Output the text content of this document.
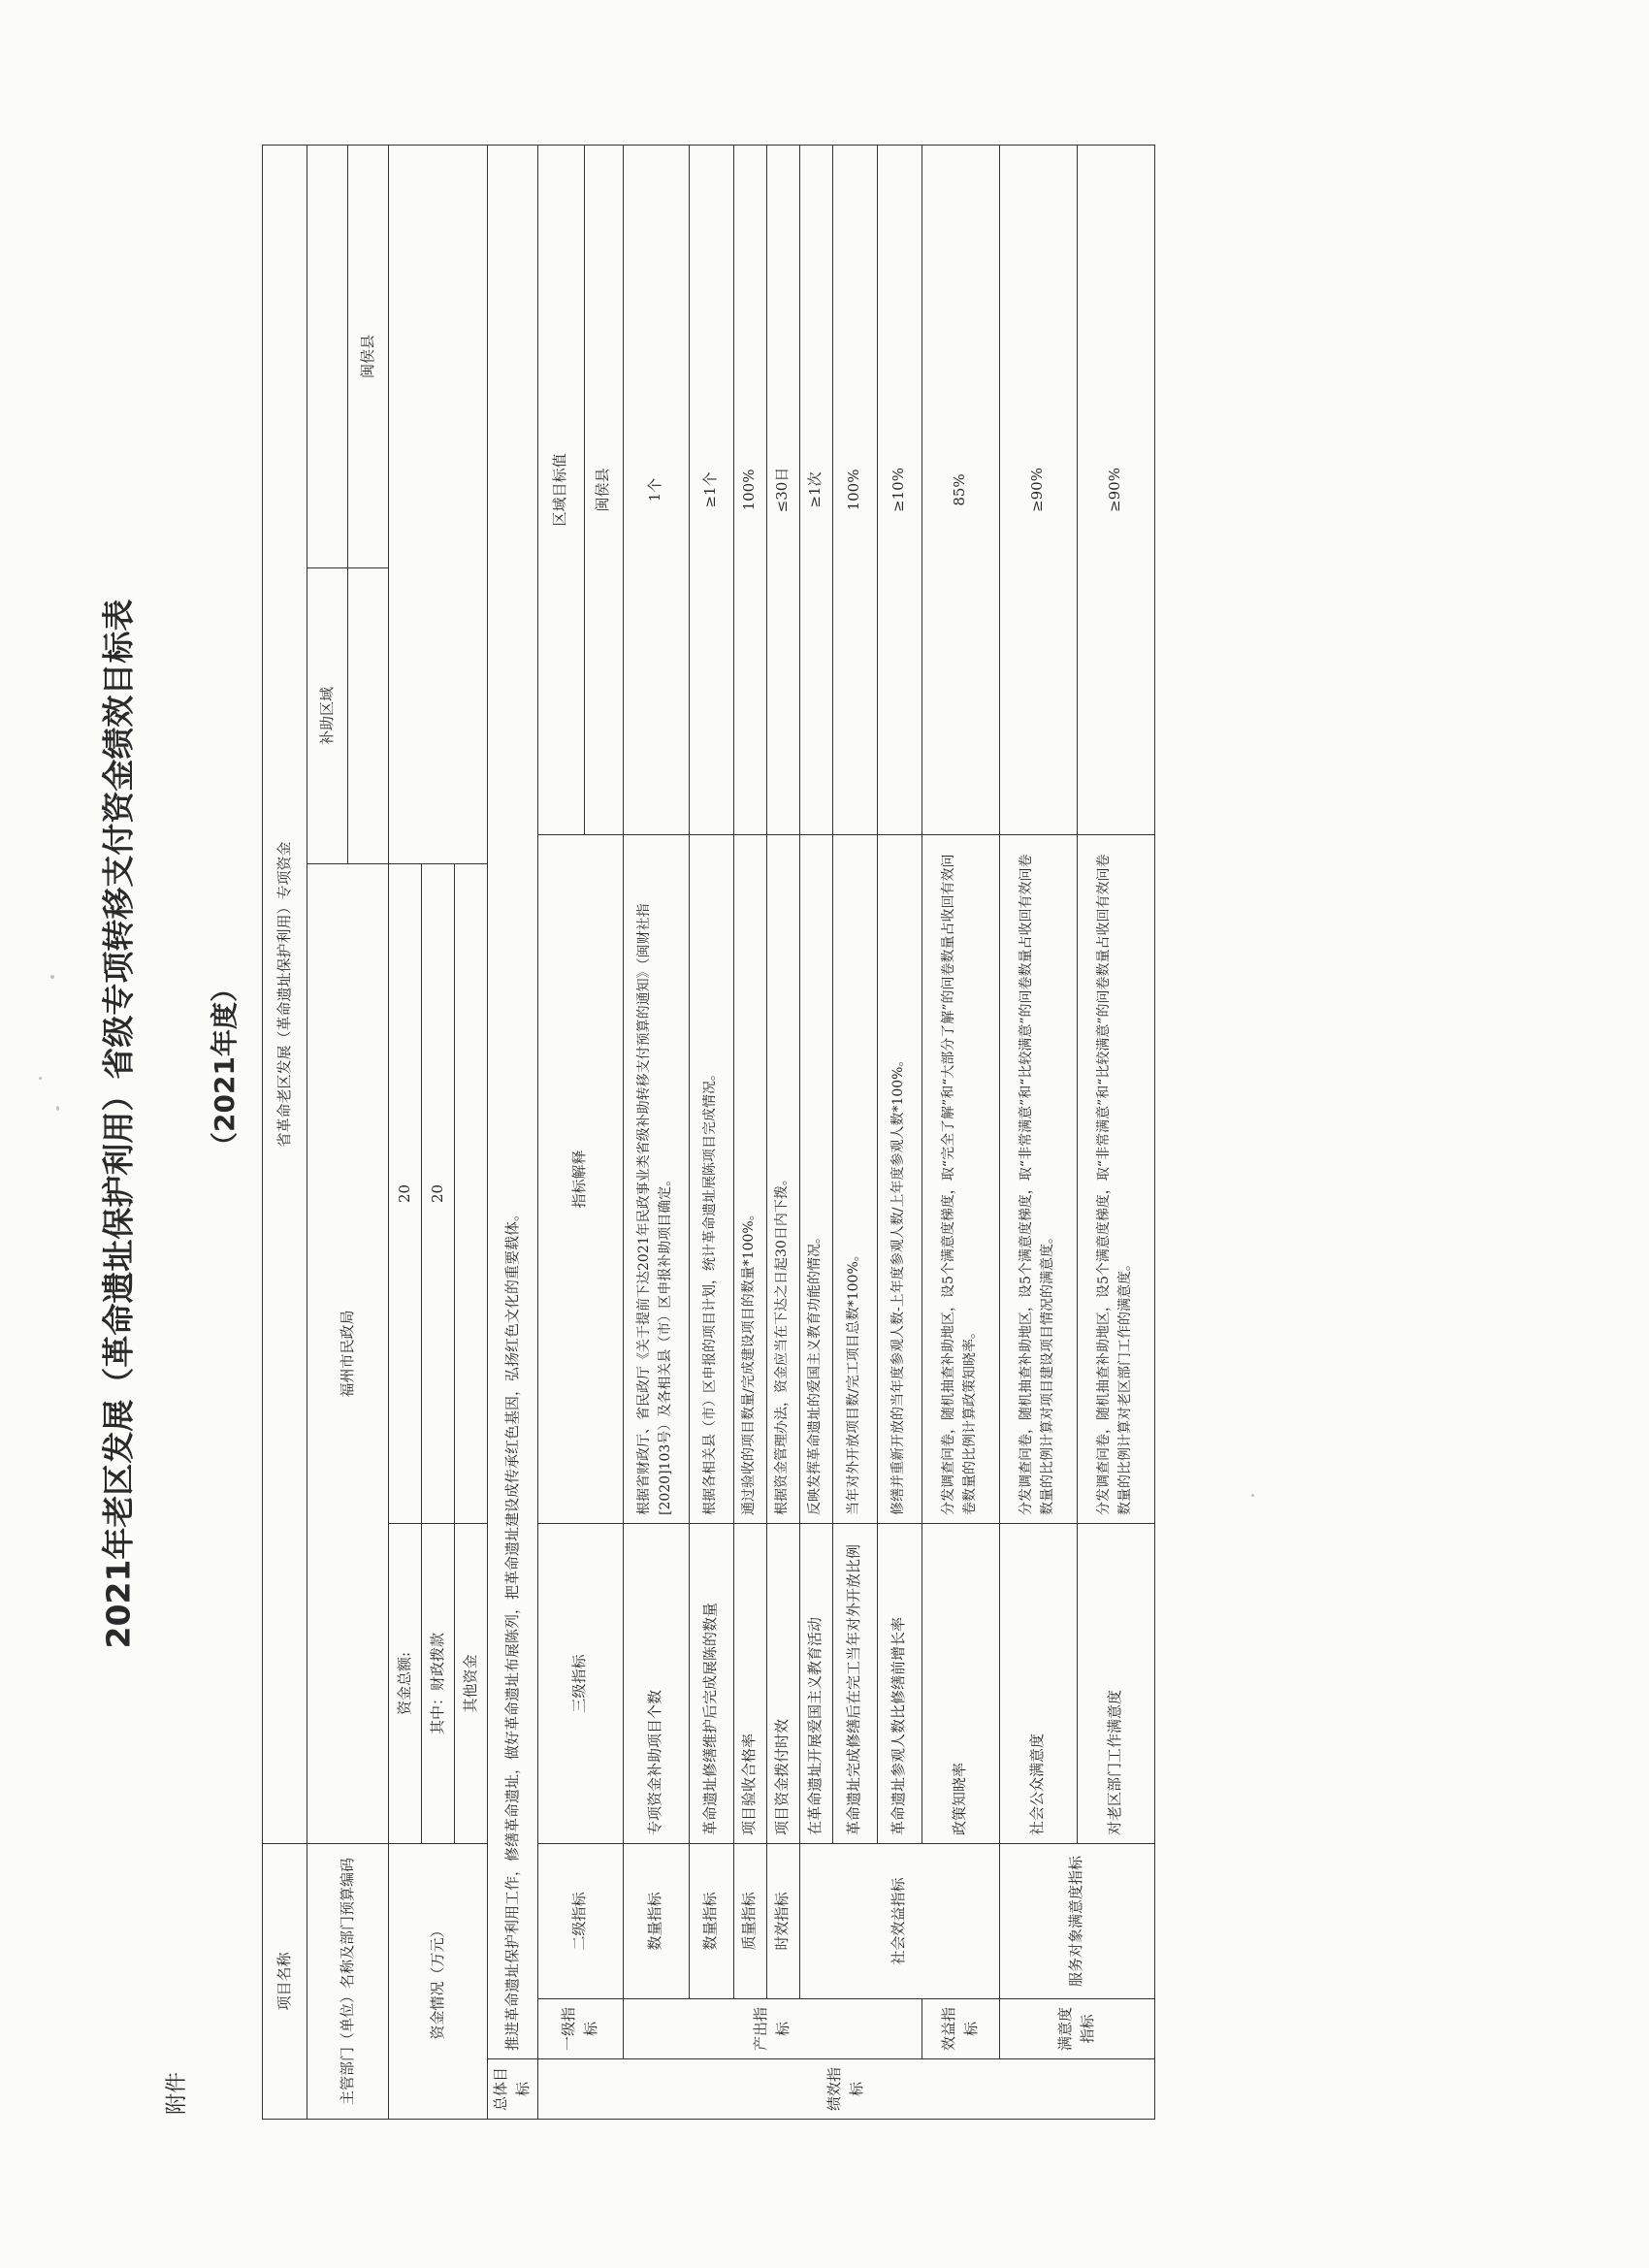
附件
2021年老区发展（革命遗址保护利用）省级专项转移支付资金绩效目标表	（2021年度）
项目名称			省革命老区发展（革命遗址保护利用）专项资金				
主管部门（单位）名称及部门预算编码			福州市民政局		补助区域		
							闽侯县
资金情况（万元）			资金总额:	20			
			其中：财政拨款	20			
			其他资金				
总体目标	推进革命遗址保护利用工作，修缮革命遗址，做好革命遗址布展陈列，把革命遗址建设成传承红色基因，弘扬红色文化的重要载体。						
绩效指标	一级指标	二级指标	三级指标	指标解释		区域目标值	
						闽侯县	
	产出指标	数量指标	专项资金补助项目个数	根据省财政厅、省民政厅《关于提前下达2021年民政事业类省级补助转移支付预算的通知》（闽财社指[2020]103号）及各相关县（市）区申报补助项目确定。		1个	
		数量指标	革命遗址修缮维护后完成展陈的数量	根据各相关县（市）区申报的项目计划，统计革命遗址展陈项目完成情况。		≥1个	
		质量指标	项目验收合格率	通过验收的项目数量/完成建设项目的数量*100%。		100%	
		时效指标	项目资金拨付时效	根据资金管理办法，资金应当在下达之日起30日内下拨。		≤30日	
		社会效益指标	在革命遗址开展爱国主义教育活动	反映发挥革命遗址的爱国主义教育功能的情况。		≥1次	
			革命遗址完成修缮后在完工当年对外开放比例	当年对外开放项目数/完工项目总数*100%。		100%	
			革命遗址参观人数比修缮前增长率	修缮并重新开放的当年度参观人数-上年度参观人数/上年度参观人数*100%。		≥10%	
	效益指标		政策知晓率	分发调查问卷，随机抽查补助地区，设5个满意度梯度，取“完全了解”和“大部分了解”的问卷数量占收回有效问卷数量的比例计算政策知晓率。		85%	
	满意度指标	服务对象满意度指标	社会公众满意度	分发调查问卷，随机抽查补助地区，设5个满意度梯度，取“非常满意”和“比较满意”的问卷数量占收回有效问卷数量的比例计算对项目建设项目情况的满意度。		≥90%	
			对老区部门工作满意度	分发调查问卷，随机抽查补助地区，设5个满意度梯度，取“非常满意”和“比较满意”的问卷数量占收回有效问卷数量的比例计算对老区部门工作的满意度。		≥90%	
